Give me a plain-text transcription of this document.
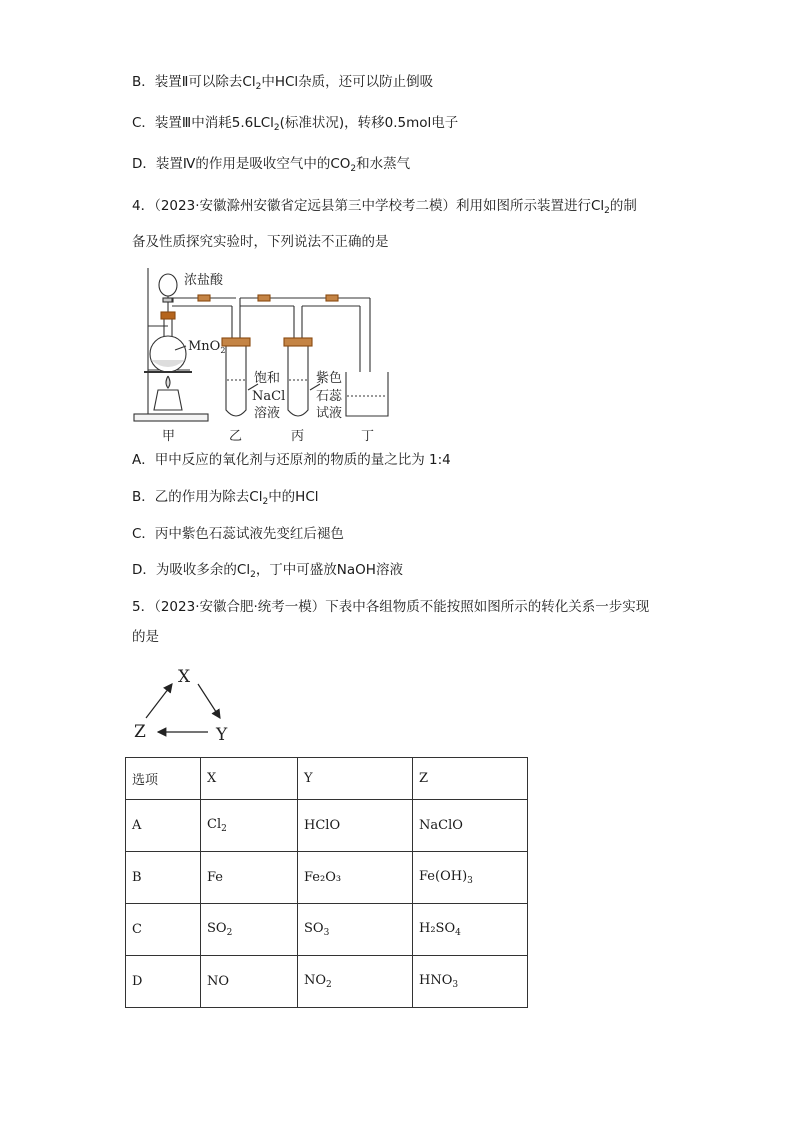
B．装置Ⅱ可以除去$Cl_2$中HCl杂质，还可以防止倒吸
C．装置Ⅲ中消耗5.6LCl$_2$(标准状况)，转移0.5mol电子
D．装置Ⅳ的作用是吸收空气中的$CO_2$和水蒸气
4．（2023·安徽滁州安徽省定远县第三中学校考二模）利用如图所示装置进行$Cl_2$的制
备及性质探究实验时，下列说法不正确的是
浓盐酸
MnO$_2$
饱和
NaCl
溶液
紫色
石蕊
试液
甲	乙	丙	丁
A．甲中反应的氧化剂与还原剂的物质的量之比为 1:4
B．乙的作用为除去$Cl_2$中的HCl
C．丙中紫色石蕊试液先变红后褪色
D．为吸收多余的$Cl_2$，丁中可盛放NaOH溶液
5．（2023·安徽合肥·统考一模）下表中各组物质不能按照如图所示的转化关系一步实现
的是
X
Y
Z
选项	X	Y	Z
A	$Cl_2$	HClO	NaClO
B	Fe	Fe₂O₃	$Fe(OH)_3$
C	$SO_2$	$SO_3$	$H_2SO_4$
D	NO	$NO_2$	$HNO_3$
